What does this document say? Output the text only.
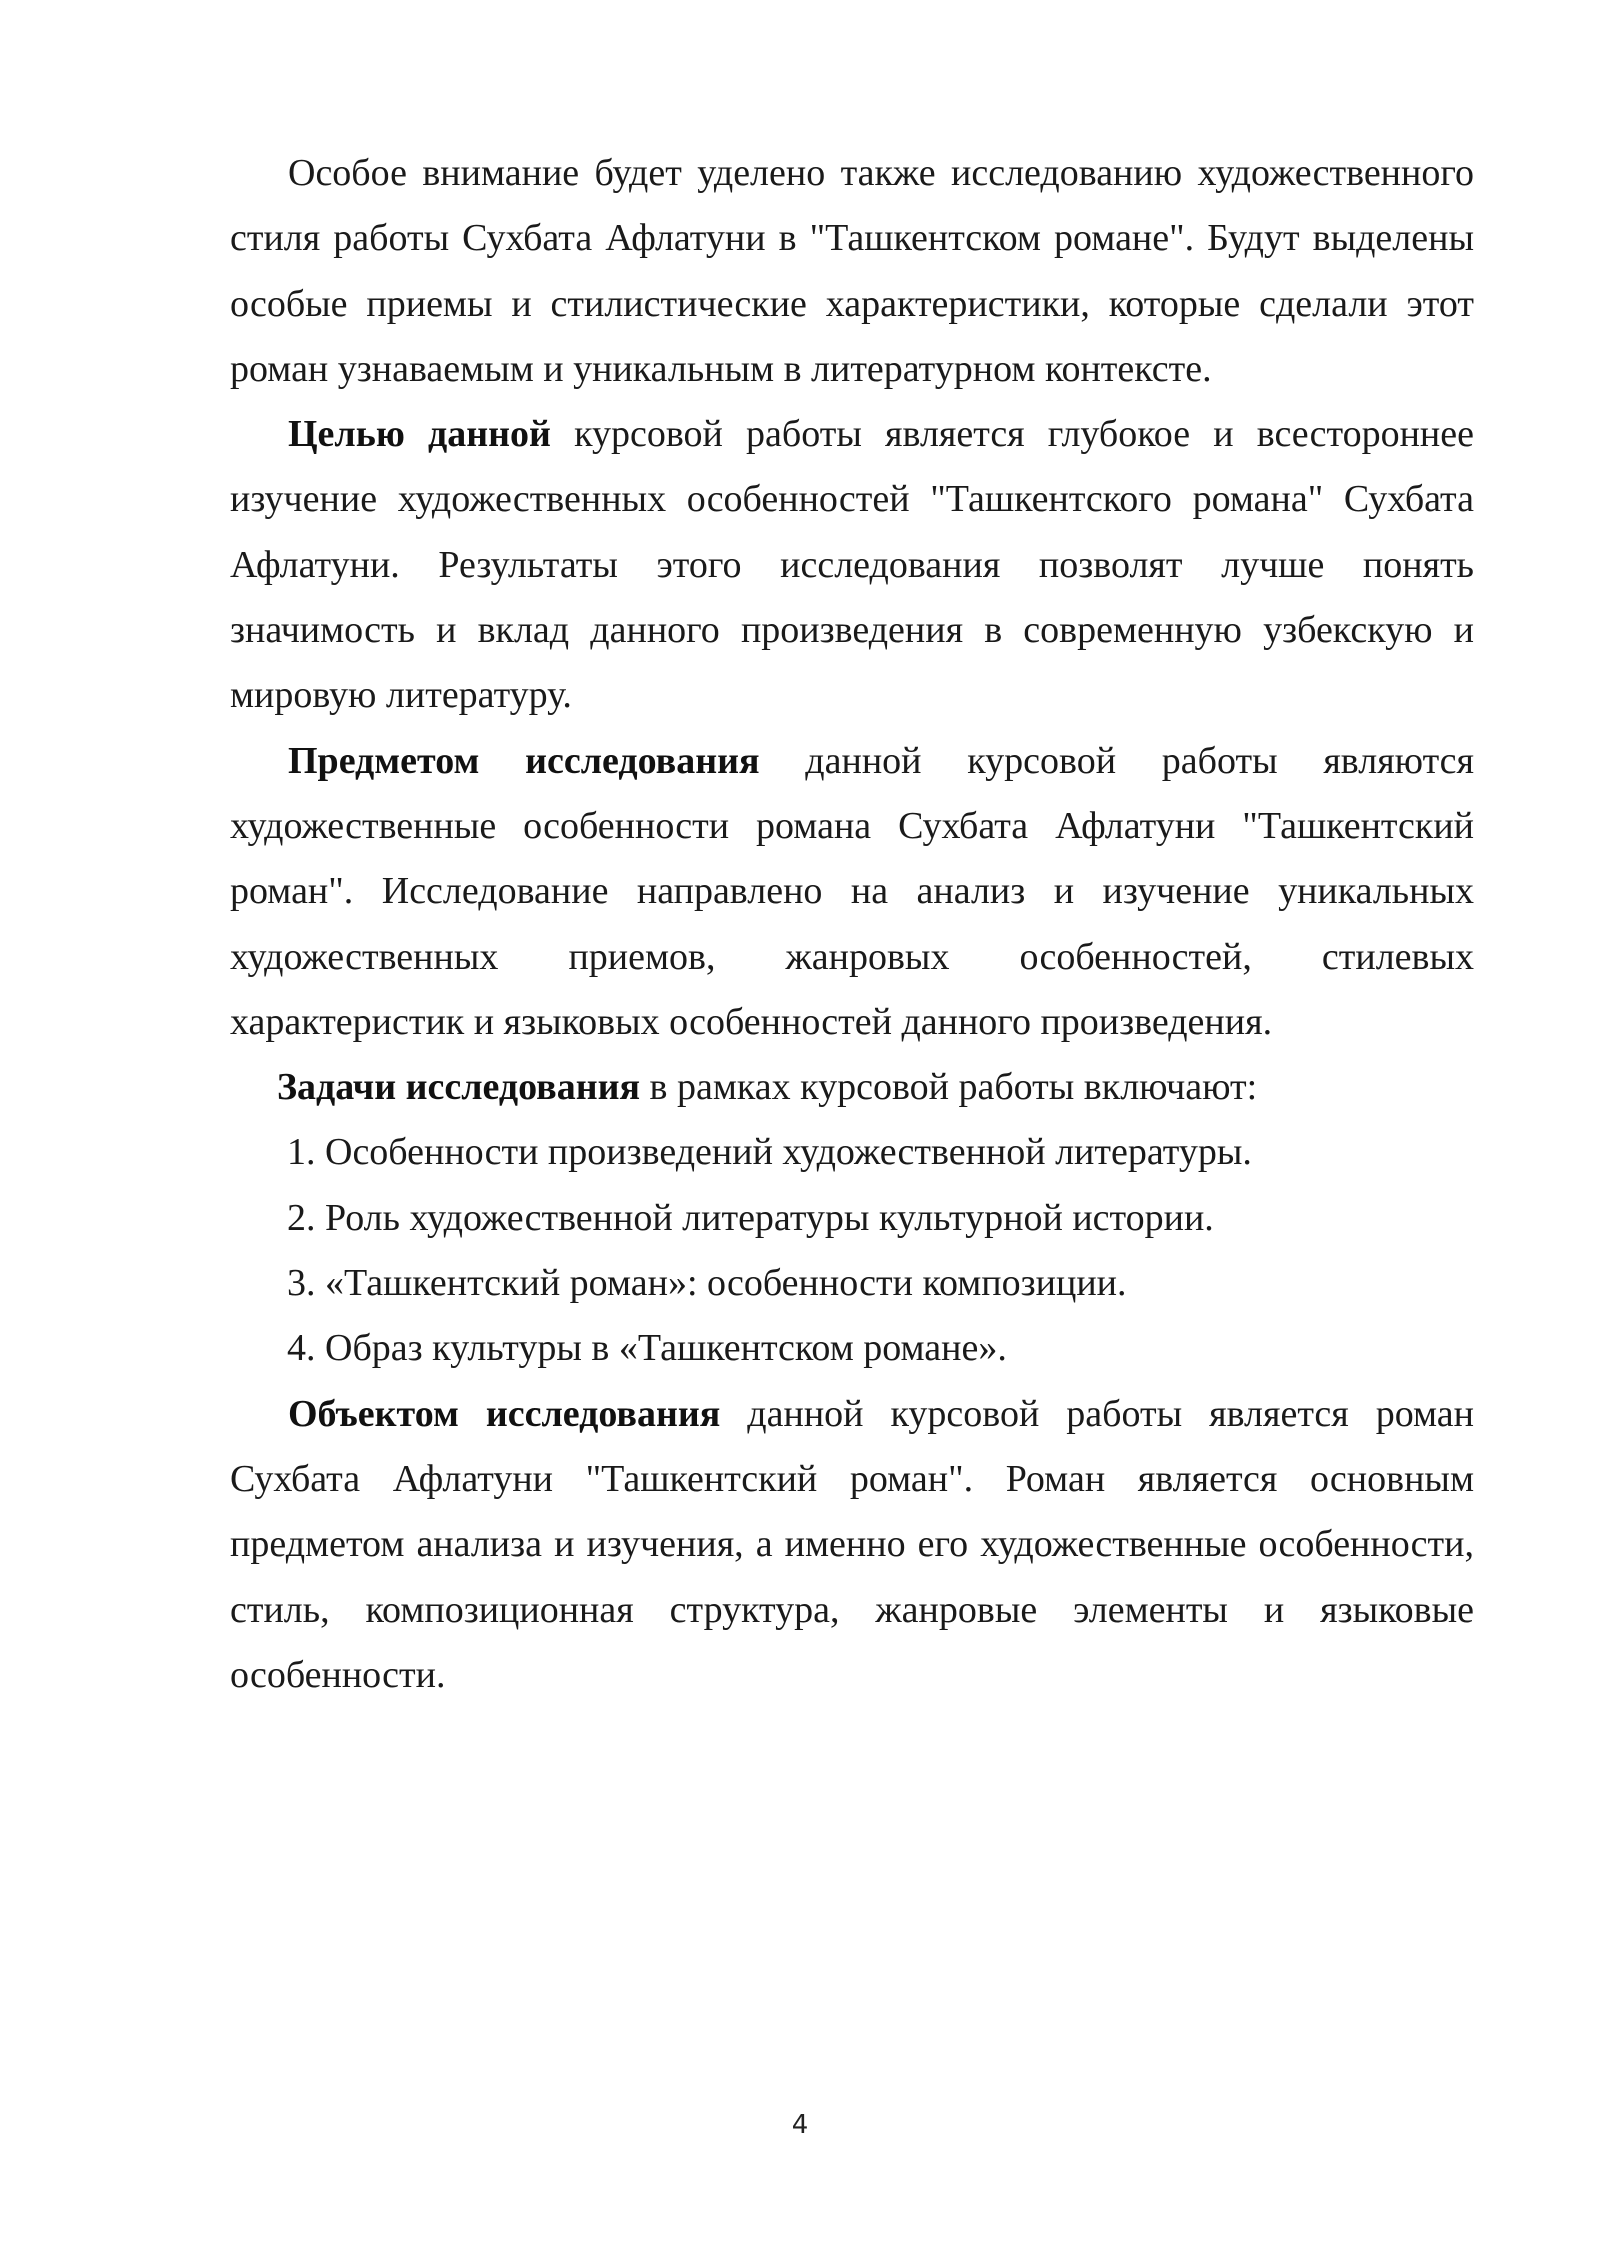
Особое внимание будет уделено также исследованию художественного стиля работы Сухбата Афлатуни в "Ташкентском романе". Будут выделены особые приемы и стилистические характеристики, которые сделали этот роман узнаваемым и уникальным в литературном контексте.

Целью данной курсовой работы является глубокое и всестороннее изучение художественных особенностей "Ташкентского романа" Сухбата Афлатуни. Результаты этого исследования позволят лучше понять значимость и вклад данного произведения в современную узбекскую и мировую литературу.

Предметом исследования данной курсовой работы являются художественные особенности романа Сухбата Афлатуни "Ташкентский роман". Исследование направлено на анализ и изучение уникальных художественных приемов, жанровых особенностей, стилевых характеристик и языковых особенностей данного произведения.

Задачи исследования в рамках курсовой работы включают:

1. Особенности произведений художественной литературы.

2. Роль художественной литературы культурной истории.

3. «Ташкентский роман»: особенности композиции.

4. Образ культуры в «Ташкентском романе».

Объектом исследования данной курсовой работы является роман Сухбата Афлатуни "Ташкентский роман". Роман является основным предметом анализа и изучения, а именно его художественные особенности, стиль, композиционная структура, жанровые элементы и языковые особенности.

4
